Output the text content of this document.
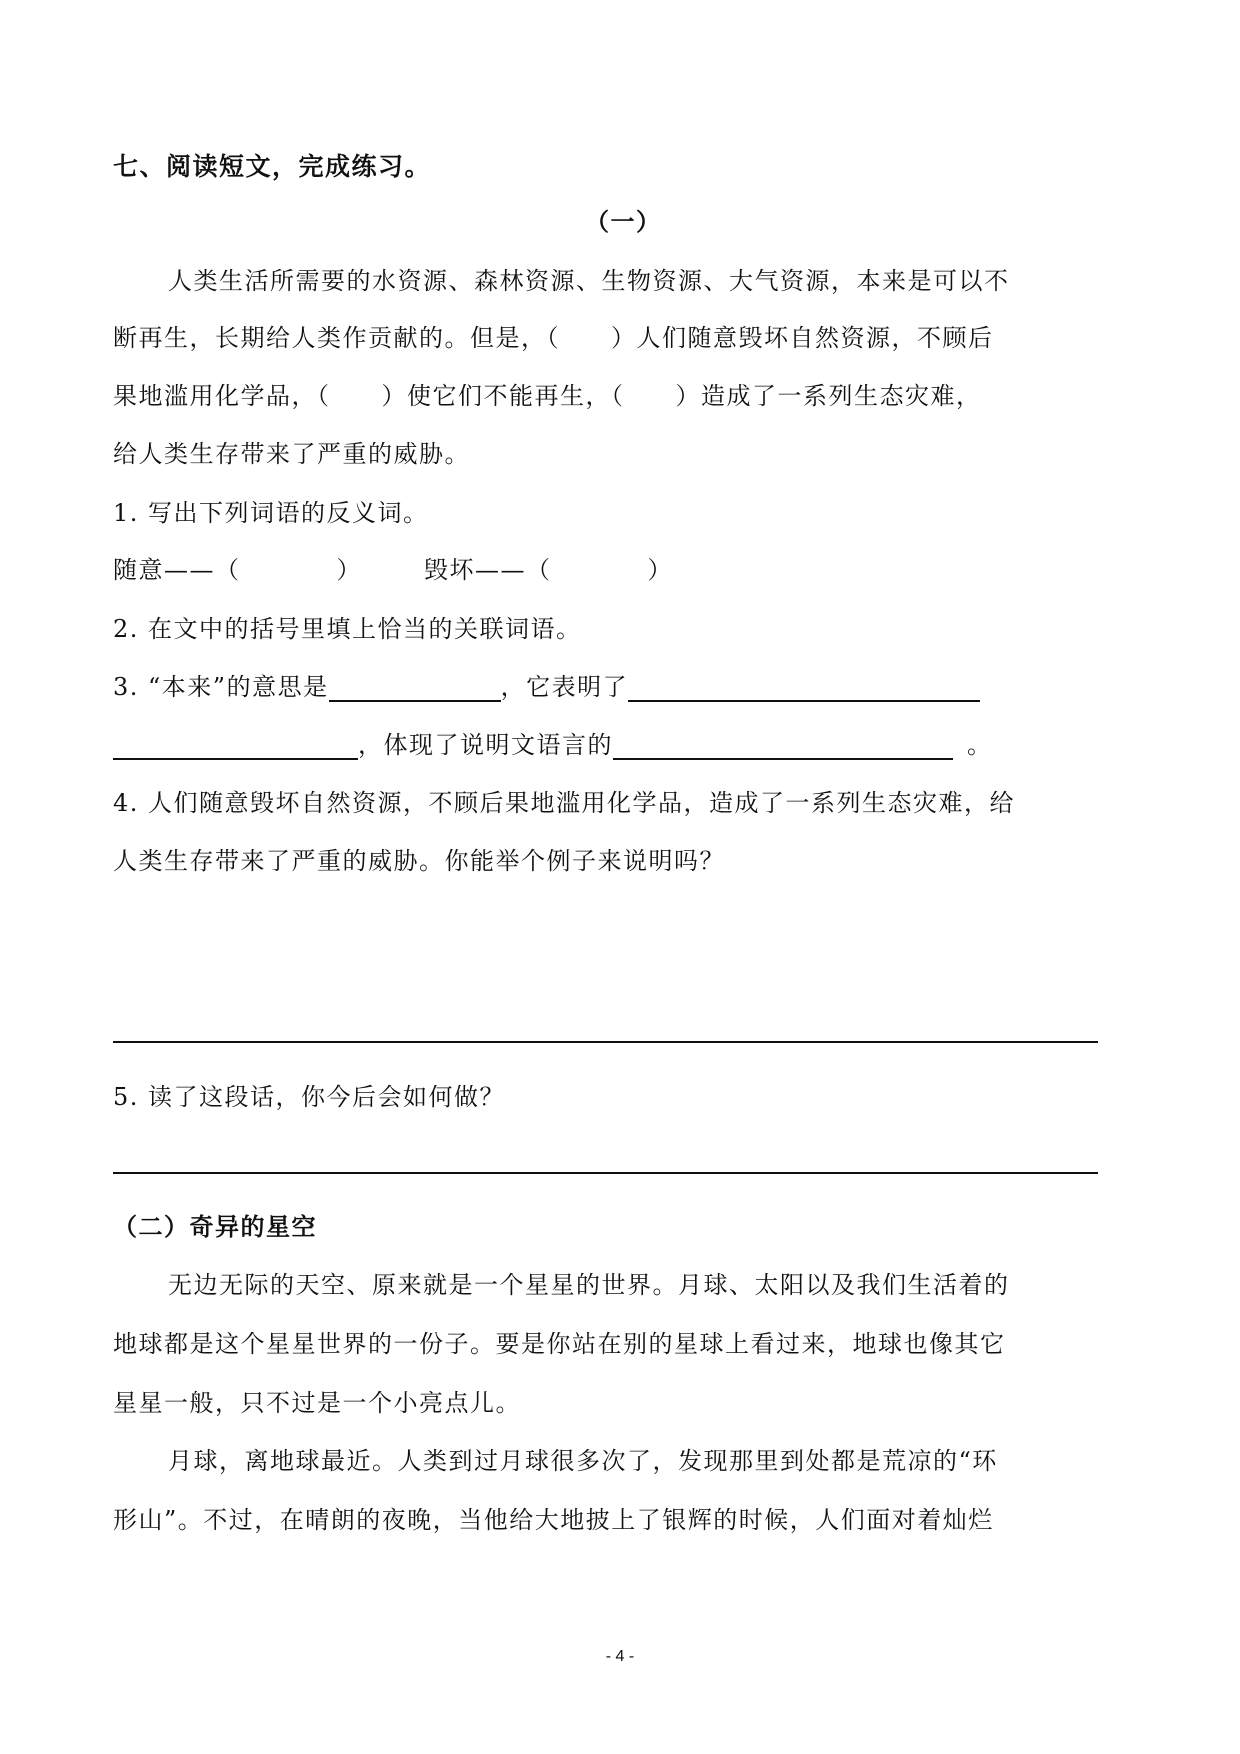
七、阅读短文，完成练习。
（一）
人类生活所需要的水资源、森林资源、生物资源、大气资源，本来是可以不
断再生，长期给人类作贡献的。但是，（　　）人们随意毁坏自然资源，不顾后
果地滥用化学品，（　　）使它们不能再生，（　　）造成了一系列生态灾难，
给人类生存带来了严重的威胁。
1. 写出下列词语的反义词。
随意——（	）	毁坏——（	）
2. 在文中的括号里填上恰当的关联词语。
3. “本来”的意思是	，它表明了
，体现了说明文语言的	。
4. 人们随意毁坏自然资源，不顾后果地滥用化学品，造成了一系列生态灾难，给
人类生存带来了严重的威胁。你能举个例子来说明吗？
5. 读了这段话，你今后会如何做？
（二）奇异的星空
无边无际的天空、原来就是一个星星的世界。月球、太阳以及我们生活着的
地球都是这个星星世界的一份子。要是你站在别的星球上看过来，地球也像其它
星星一般，只不过是一个小亮点儿。
月球，离地球最近。人类到过月球很多次了，发现那里到处都是荒凉的“环
形山”。不过，在晴朗的夜晚，当他给大地披上了银辉的时候，人们面对着灿烂
- 4 -
